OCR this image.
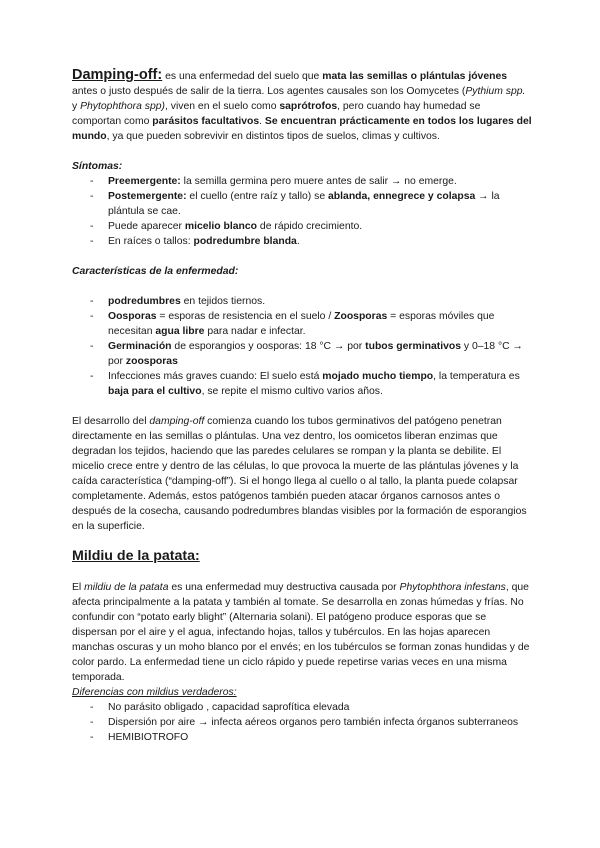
Damping-off: es una enfermedad del suelo que mata las semillas o plántulas jóvenes antes o justo después de salir de la tierra. Los agentes causales son los Oomycetes (Pythium spp. y Phytophthora spp), viven en el suelo como saprótrofos, pero cuando hay humedad se comportan como parásitos facultativos. Se encuentran prácticamente en todos los lugares del mundo, ya que pueden sobrevivir en distintos tipos de suelos, climas y cultivos.

Síntomas:

- Preemergente: la semilla germina pero muere antes de salir → no emerge.
- Postemergente: el cuello (entre raíz y tallo) se ablanda, ennegrece y colapsa → la plántula se cae.
- Puede aparecer micelio blanco de rápido crecimiento.
- En raíces o tallos: podredumbre blanda.

Características de la enfermedad:

- podredumbres en tejidos tiernos.
- Oosporas = esporas de resistencia en el suelo / Zoosporas = esporas móviles que necesitan agua libre para nadar e infectar.
- Germinación de esporangios y oosporas: 18 °C → por tubos germinativos y 0–18 °C → por zoosporas
- Infecciones más graves cuando: El suelo está mojado mucho tiempo, la temperatura es baja para el cultivo, se repite el mismo cultivo varios años.

El desarrollo del damping-off comienza cuando los tubos germinativos del patógeno penetran directamente en las semillas o plántulas. Una vez dentro, los oomicetos liberan enzimas que degradan los tejidos, haciendo que las paredes celulares se rompan y la planta se debilite. El micelio crece entre y dentro de las células, lo que provoca la muerte de las plántulas jóvenes y la caída característica (“damping-off”). Si el hongo llega al cuello o al tallo, la planta puede colapsar completamente. Además, estos patógenos también pueden atacar órganos carnosos antes o después de la cosecha, causando podredumbres blandas visibles por la formación de esporangios en la superficie.

Mildiu de la patata:

El mildiu de la patata es una enfermedad muy destructiva causada por Phytophthora infestans, que afecta principalmente a la patata y también al tomate. Se desarrolla en zonas húmedas y frías. No confundir con “potato early blight” (Alternaria solani). El patógeno produce esporas que se dispersan por el aire y el agua, infectando hojas, tallos y tubérculos. En las hojas aparecen manchas oscuras y un moho blanco por el envés; en los tubérculos se forman zonas hundidas y de color pardo. La enfermedad tiene un ciclo rápido y puede repetirse varias veces en una misma temporada.

Diferencias con mildius verdaderos:

- No parásito obligado , capacidad saprofítica elevada
- Dispersión por aire → infecta aéreos organos pero también infecta órganos subterraneos
- HEMIBIOTROFO
